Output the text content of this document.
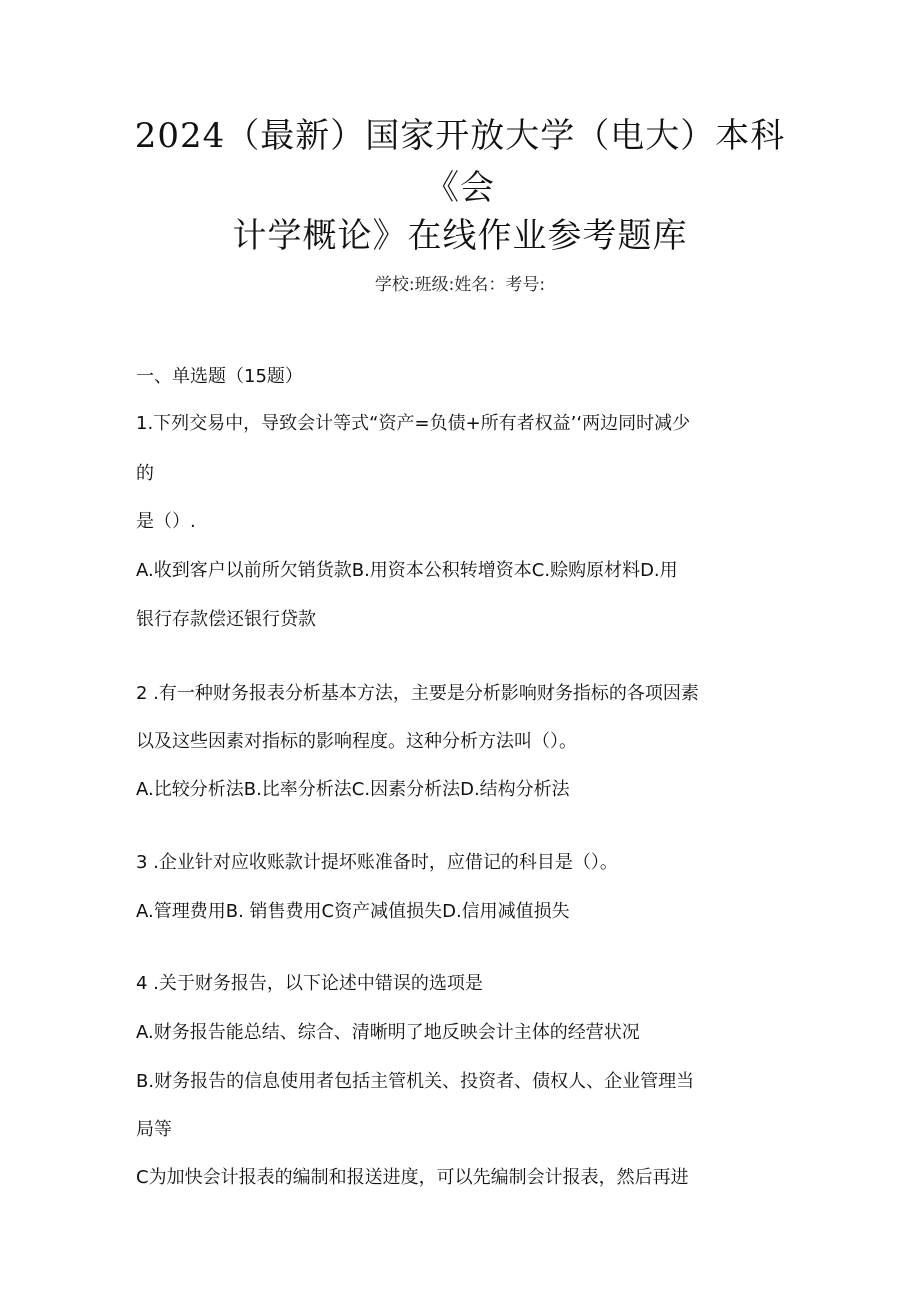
2024（最新）国家开放大学（电大）本科
《会
计学概论》在线作业参考题库
学校:班级:姓名：考号:
一、单选题（15题）
1.下列交易中，导致会计等式“资产=负债+所有者权益’‘两边同时减少
的
是（）.
A.收到客户以前所欠销货款B.用资本公积转增资本C.赊购原材料D.用
银行存款偿还银行贷款
2 .有一种财务报表分析基本方法，主要是分析影响财务指标的各项因素
以及这些因素对指标的影响程度。这种分析方法叫（）。
A.比较分析法B.比率分析法C.因素分析法D.结构分析法
3 .企业针对应收账款计提坏账准备时，应借记的科目是（）。
A.管理费用B. 销售费用C资产减值损失D.信用减值损失
4 .关于财务报告，以下论述中错误的选项是
A.财务报告能总结、综合、清晰明了地反映会计主体的经营状况
B.财务报告的信息使用者包括主管机关、投资者、债权人、企业管理当
局等
C为加快会计报表的编制和报送进度，可以先编制会计报表，然后再进
